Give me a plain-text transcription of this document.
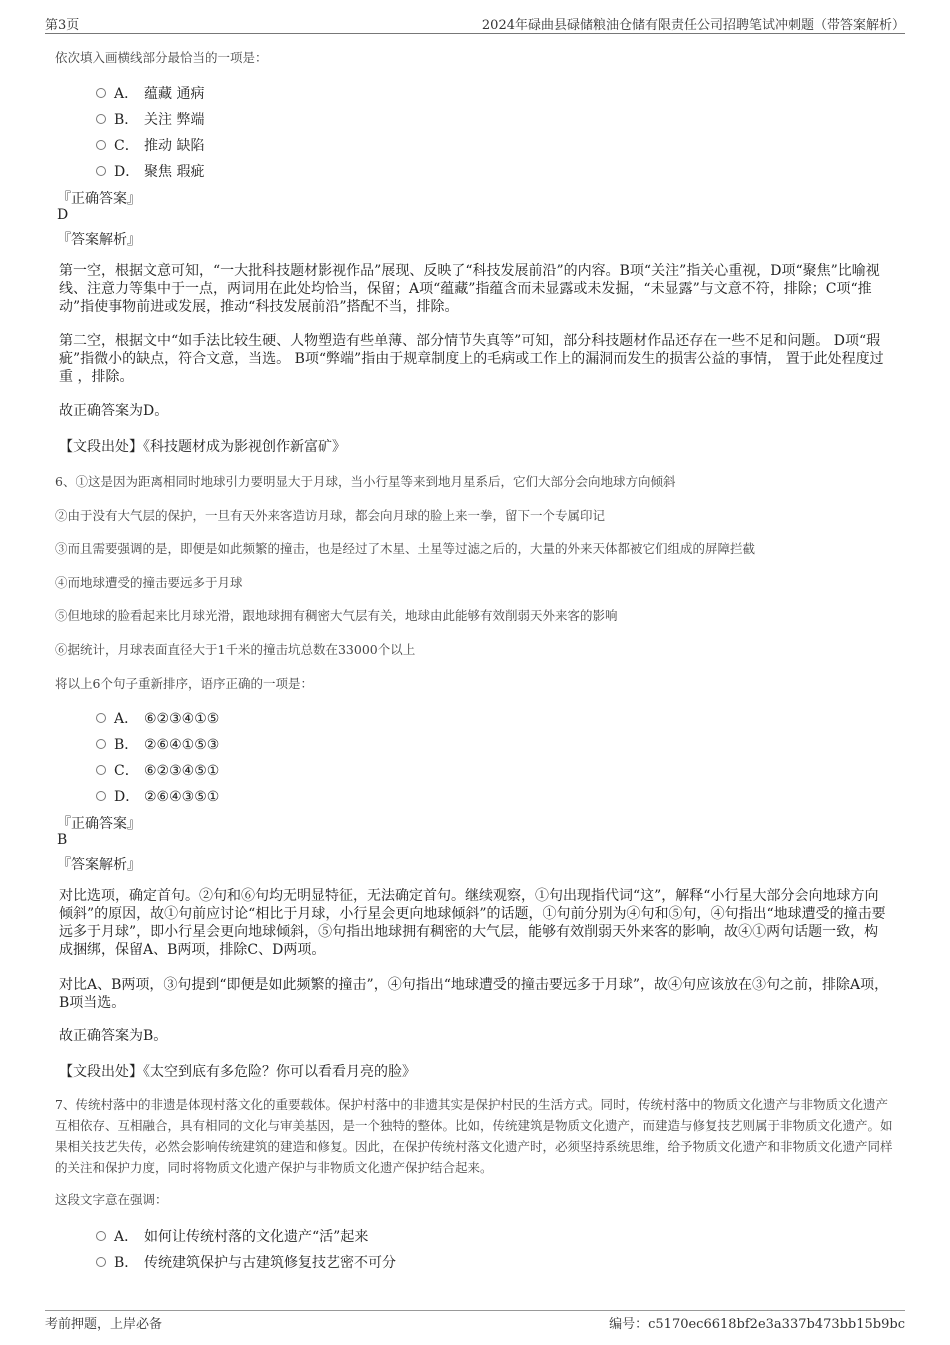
第3页	2024年碌曲县碌储粮油仓储有限责任公司招聘笔试冲刺题（带答案解析）
依次填入画横线部分最恰当的一项是：
A． 蕴藏 通病
B． 关注 弊端
C． 推动 缺陷
D． 聚焦 瑕疵
『正确答案』
D
『答案解析』
第一空，根据文意可知，“一大批科技题材影视作品”展现、反映了“科技发展前沿”的内容。B项“关注”指关心重视，D项“聚焦”比喻视线、注意力等集中于一点，两词用在此处均恰当，保留；A项“蕴藏”指蕴含而未显露或未发掘，“未显露”与文意不符，排除；C项“推动”指使事物前进或发展，推动“科技发展前沿”搭配不当，排除。
第二空，根据文中“如手法比较生硬、人物塑造有些单薄、部分情节失真等”可知，部分科技题材作品还存在一些不足和问题。 D项“瑕疵”指微小的缺点，符合文意，当选。 B项“弊端”指由于规章制度上的毛病或工作上的漏洞而发生的损害公益的事情， 置于此处程度过重 ，排除。
故正确答案为D。
【文段出处】《科技题材成为影视创作新富矿》
6、①这是因为距离相同时地球引力要明显大于月球，当小行星等来到地月星系后，它们大部分会向地球方向倾斜
②由于没有大气层的保护，一旦有天外来客造访月球，都会向月球的脸上来一拳，留下一个专属印记
③而且需要强调的是，即便是如此频繁的撞击，也是经过了木星、土星等过滤之后的，大量的外来天体都被它们组成的屏障拦截
④而地球遭受的撞击要远多于月球
⑤但地球的脸看起来比月球光滑，跟地球拥有稠密大气层有关，地球由此能够有效削弱天外来客的影响
⑥据统计，月球表面直径大于1千米的撞击坑总数在33000个以上
将以上6个句子重新排序，语序正确的一项是：
A． ⑥②③④①⑤
B． ②⑥④①⑤③
C． ⑥②③④⑤①
D． ②⑥④③⑤①
『正确答案』
B
『答案解析』
对比选项，确定首句。②句和⑥句均无明显特征，无法确定首句。继续观察，①句出现指代词“这”，解释“小行星大部分会向地球方向倾斜”的原因，故①句前应讨论“相比于月球，小行星会更向地球倾斜”的话题，①句前分别为④句和⑤句，④句指出“地球遭受的撞击要远多于月球”，即小行星会更向地球倾斜，⑤句指出地球拥有稠密的大气层，能够有效削弱天外来客的影响，故④①两句话题一致，构成捆绑，保留A、B两项，排除C、D两项。
对比A、B两项，③句提到“即便是如此频繁的撞击”，④句指出“地球遭受的撞击要远多于月球”，故④句应该放在③句之前，排除A项，B项当选。
故正确答案为B。
【文段出处】《太空到底有多危险？你可以看看月亮的脸》
7、传统村落中的非遗是体现村落文化的重要载体。保护村落中的非遗其实是保护村民的生活方式。同时，传统村落中的物质文化遗产与非物质文化遗产互相依存、互相融合，具有相同的文化与审美基因，是一个独特的整体。比如，传统建筑是物质文化遗产，而建造与修复技艺则属于非物质文化遗产。如果相关技艺失传，必然会影响传统建筑的建造和修复。因此，在保护传统村落文化遗产时，必须坚持系统思维，给予物质文化遗产和非物质文化遗产同样的关注和保护力度，同时将物质文化遗产保护与非物质文化遗产保护结合起来。
这段文字意在强调：
A． 如何让传统村落的文化遗产“活”起来
B． 传统建筑保护与古建筑修复技艺密不可分
考前押题，上岸必备	编号：c5170ec6618bf2e3a337b473bb15b9bc
